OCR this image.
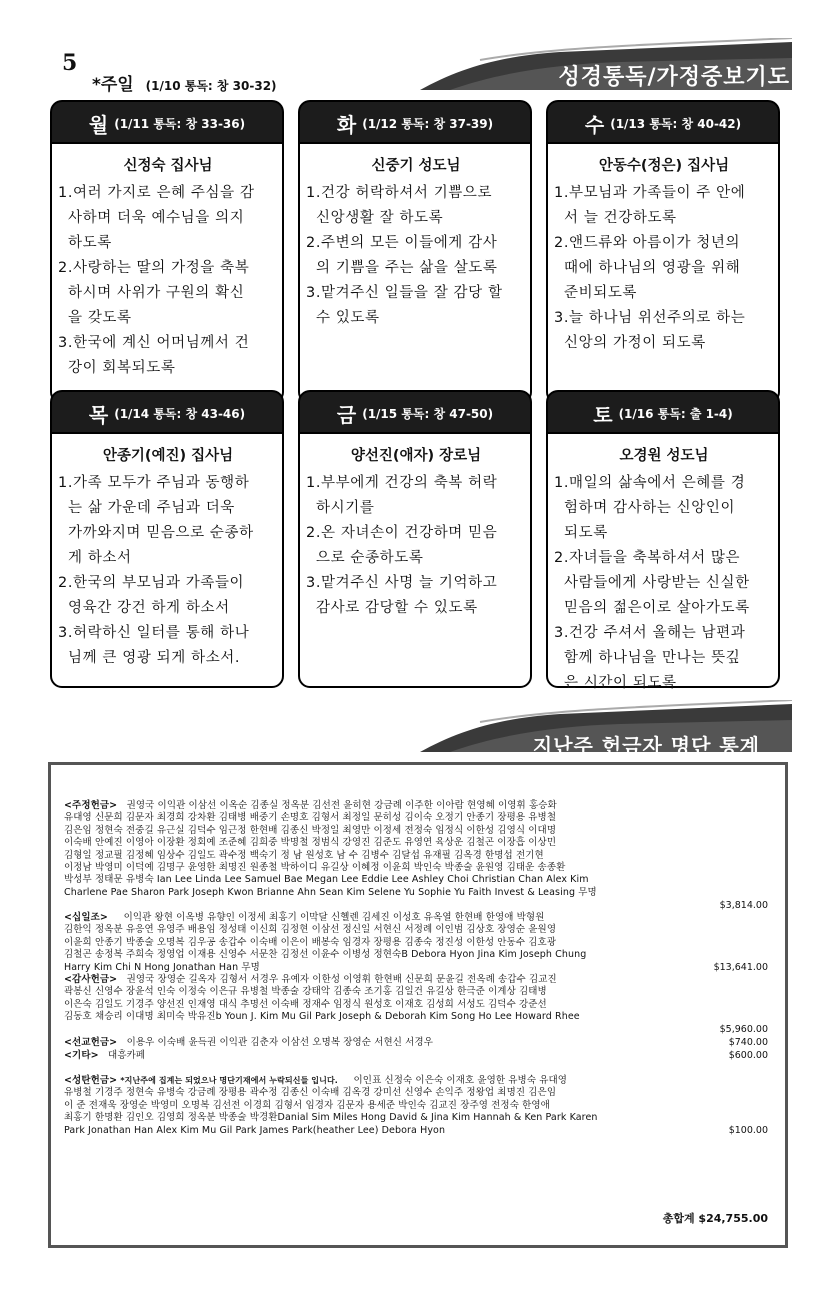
5
*주일 (1/10 통독: 창 30-32)	성경통독/가정중보기도
월 (1/11 통독: 창 33-36)
신정숙 집사님
1.여러 가지로 은혜 주심을 감
사하며 더욱 예수님을 의지
하도록
2.사랑하는 딸의 가정을 축복
하시며 사위가 구원의 확신
을 갖도록
3.한국에 계신 어머님께서 건
강이 회복되도록
화 (1/12 통독: 창 37-39)
신중기 성도님
1.건강 허락하셔서 기쁨으로
신앙생활 잘 하도록
2.주변의 모든 이들에게 감사
의 기쁨을 주는 삶을 살도록
3.맡겨주신 일들을 잘 감당 할
수 있도록
수 (1/13 통독: 창 40-42)
안동수(정은) 집사님
1.부모님과 가족들이 주 안에
서 늘 건강하도록
2.앤드류와 아름이가 청년의
때에 하나님의 영광을 위해
준비되도록
3.늘 하나님 위선주의로 하는
신앙의 가정이 되도록
목 (1/14 통독: 창 43-46)
안종기(예진) 집사님
1.가족 모두가 주님과 동행하
는 삶 가운데 주님과 더욱
가까와지며 믿음으로 순종하
게 하소서
2.한국의 부모님과 가족들이
영육간 강건 하게 하소서
3.허락하신 일터를 통해 하나
님께 큰 영광 되게 하소서.
금 (1/15 통독: 창 47-50)
양선진(애자) 장로님
1.부부에게 건강의 축복 허락
하시기를
2.온 자녀손이 건강하며 믿음
으로 순종하도록
3.맡겨주신 사명 늘 기억하고
감사로 감당할 수 있도록
토 (1/16 통독: 출 1-4)
오경원 성도님
1.매일의 삶속에서 은혜를 경
험하며 감사하는 신앙인이
되도록
2.자녀들을 축복하셔서 많은
사람들에게 사랑받는 신실한
믿음의 젊은이로 살아가도록
3.건강 주셔서 올해는 남편과
함께 하나님을 만나는 뜻깊
은 시간이 되도록
지난주 헌금자 명단 통계
<주정헌금> 권영국 이익관 이삼선 이옥순 김종실 정옥분 김선전 윤히현 강금례 이주한 이아람 현영혜 이영휘 홍승화
유대영 신문희 김문자 최경희 강차환 김태병 배중기 손명호 김형서 최정일 문히성 김이숙 오정기 안종기 장평용 유병철
김은임 정현숙 전중길 유근실 김덕수 임근정 한현배 김종신 박정일 최영만 이정세 전정숙 임정식 이한성 김영식 이대명
이숙배 안예진 이영아 이장환 정회예 조준혜 김희중 박명철 정범식 강영진 김준도 유영연 육상운 김철곤 이장흡 이상민
김형일 정교필 김정혜 임상수 김일도 곽수정 백숙기 정 남 원성호 남 수 김병수 김달섭 유재필 김옥경 한명섭 전기현
이정남 박영미 이덕예 김명구 윤영한 최명진 원종철 박하이디 유길상 이혜정 이윤희 박인숙 박종술 윤원영 김태운 송종환
박성부 정태문 유병숙 Ian Lee Linda Lee Samuel Bae Megan Lee Eddie Lee Ashley Choi Christian Chan Alex Kim
Charlene Pae Sharon Park Joseph Kwon Brianne Ahn Sean Kim Selene Yu Sophie Yu Faith Invest & Leasing 무명
$3,814.00
<십일조> 이익관 왕현 이옥병 유향인 이정세 최홍기 이막달 신헬렌 김세진 이성호 유옥열 한현배 한영애 박형원
김한익 정옥분 유응연 유영주 배용임 정성태 이신희 김정현 이삼선 정신일 서현신 서정례 이인범 김상호 장영순 윤원영
이윤희 안종기 박종술 오명복 김우공 송갑수 이숙배 이은이 배봉숙 임경자 장평용 김종숙 정진성 이한성 안동수 김호광
김철곤 송정복 주희숙 정영업 이재용 신영수 서문찬 김정선 이윤수 이병성 정현숙B Debora Hyon Jina Kim Joseph Chung
Harry Kim Chi N Hong Jonathan Han 무명	$13,641.00
<감사헌금> 권영국 장영순 길옥자 김형서 서경우 유예자 이한성 이영휘 한현배 신문희 문윤길 전옥례 송갑수 김교진
곽봉신 신영수 장윤석 인숙 이정숙 이은규 유병철 박종술 강태악 김종숙 조기홍 김일건 유길상 한극준 이계상 김태병
이은숙 김일도 기경주 양선진 인재영 대식 추명선 이숙배 정재수 임정식 원성호 이재호 김성희 서성도 김덕수 강준선
김동호 채승리 이대명 최미숙 박유진b Youn J. Kim Mu Gil Park Joseph & Deborah Kim Song Ho Lee Howard Rhee
$5,960.00
<선교헌금> 이용우 이숙배 윤득권 이익관 김춘자 이삼선 오명복 장영순 서현신 서경우	$740.00
<기타> 대흥카페	$600.00
<성탄헌금> *지난주에 집계는 되었으나 명단기재에서 누락되신들 입니다. 이인표 신정숙 이은숙 이재호 윤영한 유병숙 유대영
유병철 기경주 정현숙 유병숙 강금례 장평용 곽수정 김종신 이숙배 김옥경 강미선 신영수 손익주 정왕업 최명진 김은임
이 준 전재욱 장영순 박영미 오명복 김선전 이경희 김형서 임경자 김문자 용세준 박인숙 김교진 장주영 전정숙 한영애
최홍기 한명환 김인오 김영희 정옥분 박종술 박경환Danial Sim Miles Hong David & Jina Kim Hannah & Ken Park Karen
Park Jonathan Han Alex Kim Mu Gil Park James Park(heather Lee) Debora Hyon	$100.00
총합계 $24,755.00
